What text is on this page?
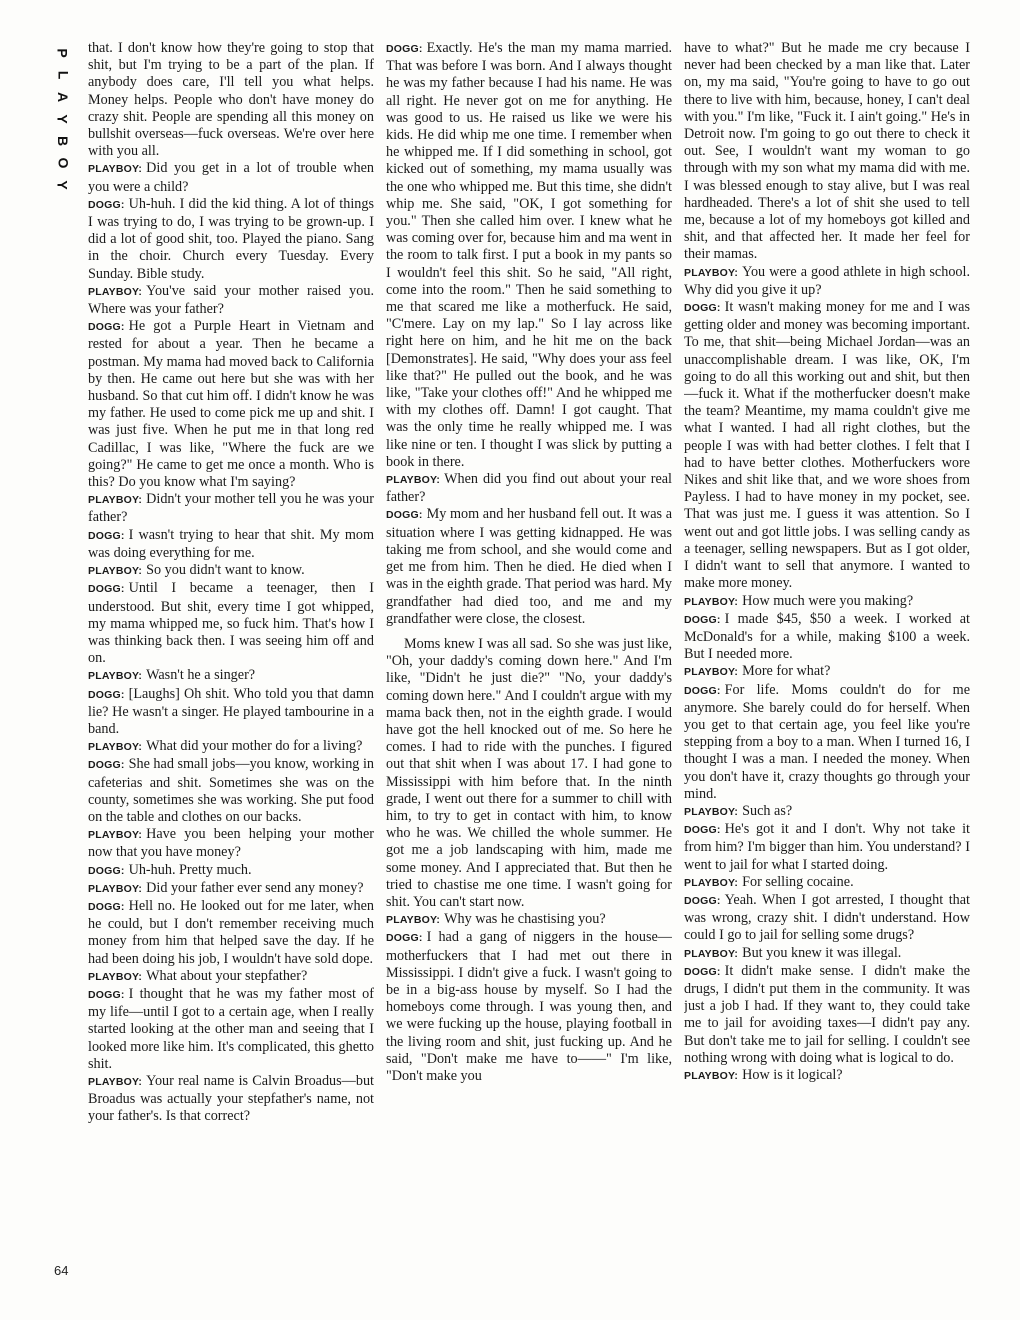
P
L
A
Y
B
O
Y
64

that. I don't know how they're going to stop that shit, but I'm trying to be a part of the plan. If anybody does care, I'll tell you what helps. Money helps. People who don't have money do crazy shit. People are spending all this money on bullshit overseas—fuck overseas. We're over here with you all.

PLAYBOY: Did you get in a lot of trouble when you were a child?

DOGG: Uh-huh. I did the kid thing. A lot of things I was trying to do, I was trying to be grown-up. I did a lot of good shit, too. Played the piano. Sang in the choir. Church every Tuesday. Every Sunday. Bible study.

PLAYBOY: You've said your mother raised you. Where was your father?

DOGG: He got a Purple Heart in Vietnam and rested for about a year. Then he became a postman. My mama had moved back to California by then. He came out here but she was with her husband. So that cut him off. I didn't know he was my father. He used to come pick me up and shit. I was just five. When he put me in that long red Cadillac, I was like, "Where the fuck are we going?" He came to get me once a month. Who is this? Do you know what I'm saying?

PLAYBOY: Didn't your mother tell you he was your father?

DOGG: I wasn't trying to hear that shit. My mom was doing everything for me.

PLAYBOY: So you didn't want to know.

DOGG: Until I became a teenager, then I understood. But shit, every time I got whipped, my mama whipped me, so fuck him. That's how I was thinking back then. I was seeing him off and on.

PLAYBOY: Wasn't he a singer?

DOGG: [Laughs] Oh shit. Who told you that damn lie? He wasn't a singer. He played tambourine in a band.

PLAYBOY: What did your mother do for a living?

DOGG: She had small jobs—you know, working in cafeterias and shit. Sometimes she was on the county, sometimes she was working. She put food on the table and clothes on our backs.

PLAYBOY: Have you been helping your mother now that you have money?

DOGG: Uh-huh. Pretty much.

PLAYBOY: Did your father ever send any money?

DOGG: Hell no. He looked out for me later, when he could, but I don't remember receiving much money from him that helped save the day. If he had been doing his job, I wouldn't have sold dope.

PLAYBOY: What about your stepfather?

DOGG: I thought that he was my father most of my life—until I got to a certain age, when I really started looking at the other man and seeing that I looked more like him. It's complicated, this ghetto shit.

PLAYBOY: Your real name is Calvin Broadus—but Broadus was actually your stepfather's name, not your father's. Is that correct?

DOGG: Exactly. He's the man my mama married. That was before I was born. And I always thought he was my father because I had his name. He was all right. He never got on me for anything. He was good to us. He raised us like we were his kids. He did whip me one time. I remember when he whipped me. If I did something in school, got kicked out of something, my mama usually was the one who whipped me. But this time, she didn't whip me. She said, "OK, I got something for you." Then she called him over. I knew what he was coming over for, because him and ma went in the room to talk first. I put a book in my pants so I wouldn't feel this shit. So he said, "All right, come into the room." Then he said something to me that scared me like a motherfuck. He said, "C'mere. Lay on my lap." So I lay across like right here on him, and he hit me on the back [Demonstrates]. He said, "Why does your ass feel like that?" He pulled out the book, and he was like, "Take your clothes off!" And he whipped me with my clothes off. Damn! I got caught. That was the only time he really whipped me. I was like nine or ten. I thought I was slick by putting a book in there.

PLAYBOY: When did you find out about your real father?

DOGG: My mom and her husband fell out. It was a situation where I was getting kidnapped. He was taking me from school, and she would come and get me from him. Then he died. He died when I was in the eighth grade. That period was hard. My grandfather had died too, and me and my grandfather were close, the closest.

Moms knew I was all sad. So she was just like, "Oh, your daddy's coming down here." And I'm like, "Didn't he just die?" "No, your daddy's coming down here." And I couldn't argue with my mama back then, not in the eighth grade. I would have got the hell knocked out of me. So here he comes. I had to ride with the punches. I figured out that shit when I was about 17. I had gone to Mississippi with him before that. In the ninth grade, I went out there for a summer to chill with him, to try to get in contact with him, to know who he was. We chilled the whole summer. He got me a job landscaping with him, made me some money. And I appreciated that. But then he tried to chastise me one time. I wasn't going for shit. You can't start now.

PLAYBOY: Why was he chastising you?

DOGG: I had a gang of niggers in the house—motherfuckers that I had met out there in Mississippi. I didn't give a fuck. I wasn't going to be in a big-ass house by myself. So I had the homeboys come through. I was young then, and we were fucking up the house, playing football in the living room and shit, just fucking up. And he said, "Don't make me have to——" I'm like, "Don't make you

have to what?" But he made me cry because I never had been checked by a man like that. Later on, my ma said, "You're going to have to go out there to live with him, because, honey, I can't deal with you." I'm like, "Fuck it. I ain't going." He's in Detroit now. I'm going to go out there to check it out. See, I wouldn't want my woman to go through with my son what my mama did with me. I was blessed enough to stay alive, but I was real hardheaded. There's a lot of shit she used to tell me, because a lot of my homeboys got killed and shit, and that affected her. It made her feel for their mamas.

PLAYBOY: You were a good athlete in high school. Why did you give it up?

DOGG: It wasn't making money for me and I was getting older and money was becoming important. To me, that shit—being Michael Jordan—was an unaccomplishable dream. I was like, OK, I'm going to do all this working out and shit, but then—fuck it. What if the motherfucker doesn't make the team? Meantime, my mama couldn't give me what I wanted. I had all right clothes, but the people I was with had better clothes. I felt that I had to have better clothes. Motherfuckers wore Nikes and shit like that, and we wore shoes from Payless. I had to have money in my pocket, see. That was just me. I guess it was attention. So I went out and got little jobs. I was selling candy as a teenager, selling newspapers. But as I got older, I didn't want to sell that anymore. I wanted to make more money.

PLAYBOY: How much were you making?

DOGG: I made $45, $50 a week. I worked at McDonald's for a while, making $100 a week. But I needed more.

PLAYBOY: More for what?

DOGG: For life. Moms couldn't do for me anymore. She barely could do for herself. When you get to that certain age, you feel like you're stepping from a boy to a man. When I turned 16, I thought I was a man. I needed the money. When you don't have it, crazy thoughts go through your mind.

PLAYBOY: Such as?

DOGG: He's got it and I don't. Why not take it from him? I'm bigger than him. You understand? I went to jail for what I started doing.

PLAYBOY: For selling cocaine.

DOGG: Yeah. When I got arrested, I thought that was wrong, crazy shit. I didn't understand. How could I go to jail for selling some drugs?

PLAYBOY: But you knew it was illegal.

DOGG: It didn't make sense. I didn't make the drugs, I didn't put them in the community. It was just a job I had. If they want to, they could take me to jail for avoiding taxes—I didn't pay any. But don't take me to jail for selling. I couldn't see nothing wrong with doing what is logical to do.

PLAYBOY: How is it logical?
